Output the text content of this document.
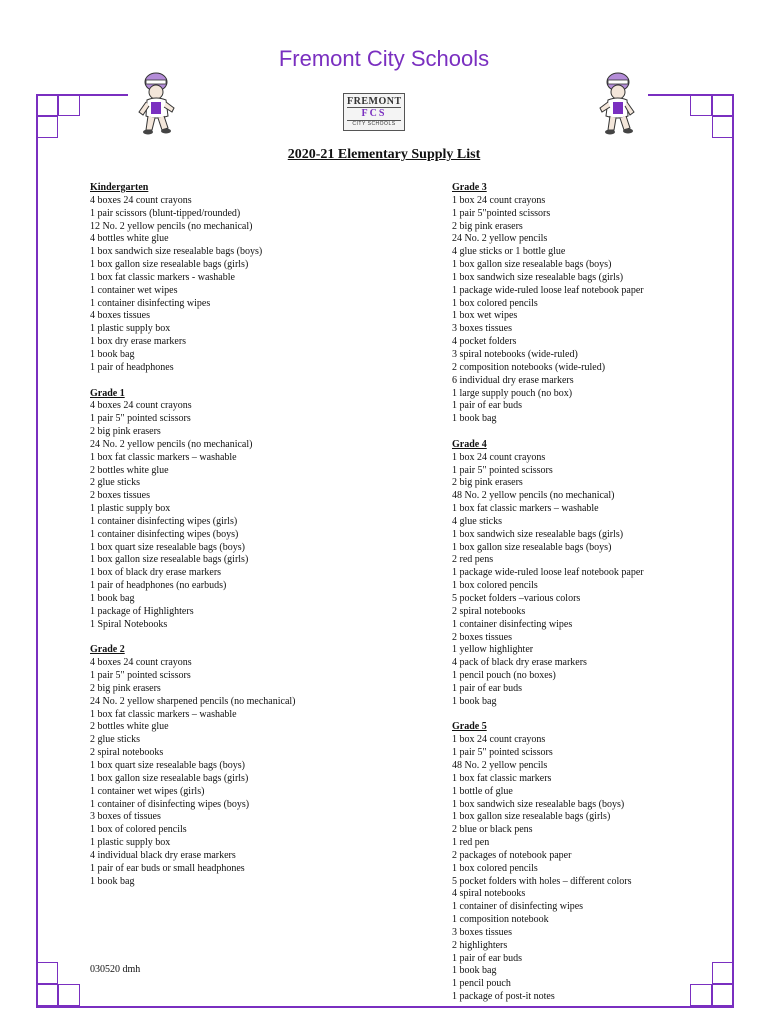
Fremont City Schools
FREMONT
FCS
CITY SCHOOLS
2020-21 Elementary Supply List
Kindergarten
4 boxes 24 count crayons
1 pair scissors (blunt-tipped/rounded)
12 No. 2 yellow pencils (no mechanical)
4 bottles white glue
1 box sandwich size resealable bags (boys)
1 box gallon size resealable bags (girls)
1 box fat classic markers - washable
1 container wet wipes
1 container disinfecting wipes
4 boxes tissues
1 plastic supply box
1 box dry erase markers
1 book bag
1 pair of headphones
Grade 1
4 boxes 24 count crayons
1 pair 5" pointed scissors
2 big pink erasers
24 No. 2 yellow pencils (no mechanical)
1 box fat classic markers – washable
2 bottles white glue
2 glue sticks
2 boxes tissues
1 plastic supply box
1 container disinfecting wipes (girls)
1 container disinfecting wipes (boys)
1 box quart size resealable bags (boys)
1 box gallon size resealable bags (girls)
1 box of black dry erase markers
1 pair of headphones (no earbuds)
1 book bag
1 package of Highlighters
1 Spiral Notebooks
Grade 2
4 boxes 24 count crayons
1 pair 5" pointed scissors
2 big pink erasers
24 No. 2 yellow sharpened pencils (no mechanical)
1 box fat classic markers – washable
2 bottles white glue
2 glue sticks
2 spiral notebooks
1 box quart size resealable bags (boys)
1 box gallon size resealable bags (girls)
1 container wet wipes (girls)
1 container of disinfecting wipes (boys)
3 boxes of tissues
1 box of colored pencils
1 plastic supply box
4 individual black dry erase markers
1 pair of ear buds or small headphones
1 book bag
Grade 3
1 box 24 count crayons
1 pair 5"pointed scissors
2 big pink erasers
24 No. 2 yellow pencils
4 glue sticks or 1 bottle glue
1 box gallon size resealable bags (boys)
1 box sandwich size resealable bags (girls)
1 package wide-ruled loose leaf notebook paper
1 box colored pencils
1 box wet wipes
3 boxes tissues
4 pocket folders
3 spiral notebooks (wide-ruled)
2 composition notebooks (wide-ruled)
6 individual dry erase markers
1 large supply pouch (no box)
1 pair of ear buds
1 book bag
Grade 4
1 box 24 count crayons
1 pair 5" pointed scissors
2 big pink erasers
48 No. 2 yellow pencils (no mechanical)
1 box fat classic markers – washable
4 glue sticks
1 box sandwich size resealable bags (girls)
1 box gallon size resealable bags (boys)
2 red pens
1 package wide-ruled loose leaf notebook paper
1 box colored pencils
5 pocket folders –various colors
2 spiral notebooks
1 container disinfecting wipes
2 boxes tissues
1 yellow highlighter
4 pack of black dry erase markers
1 pencil pouch (no boxes)
1 pair of ear buds
1 book bag
Grade 5
1 box 24 count crayons
1 pair 5" pointed scissors
48 No. 2 yellow pencils
1 box fat classic markers
1 bottle of glue
1 box sandwich size resealable bags (boys)
1 box gallon size resealable bags (girls)
2 blue or black pens
1 red pen
2 packages of notebook paper
1 box colored pencils
5 pocket folders with holes – different colors
4 spiral notebooks
1 container of disinfecting wipes
1 composition notebook
3 boxes tissues
2 highlighters
1 pair of ear buds
1 book bag
1 pencil pouch
1 package of post-it notes
030520 dmh
